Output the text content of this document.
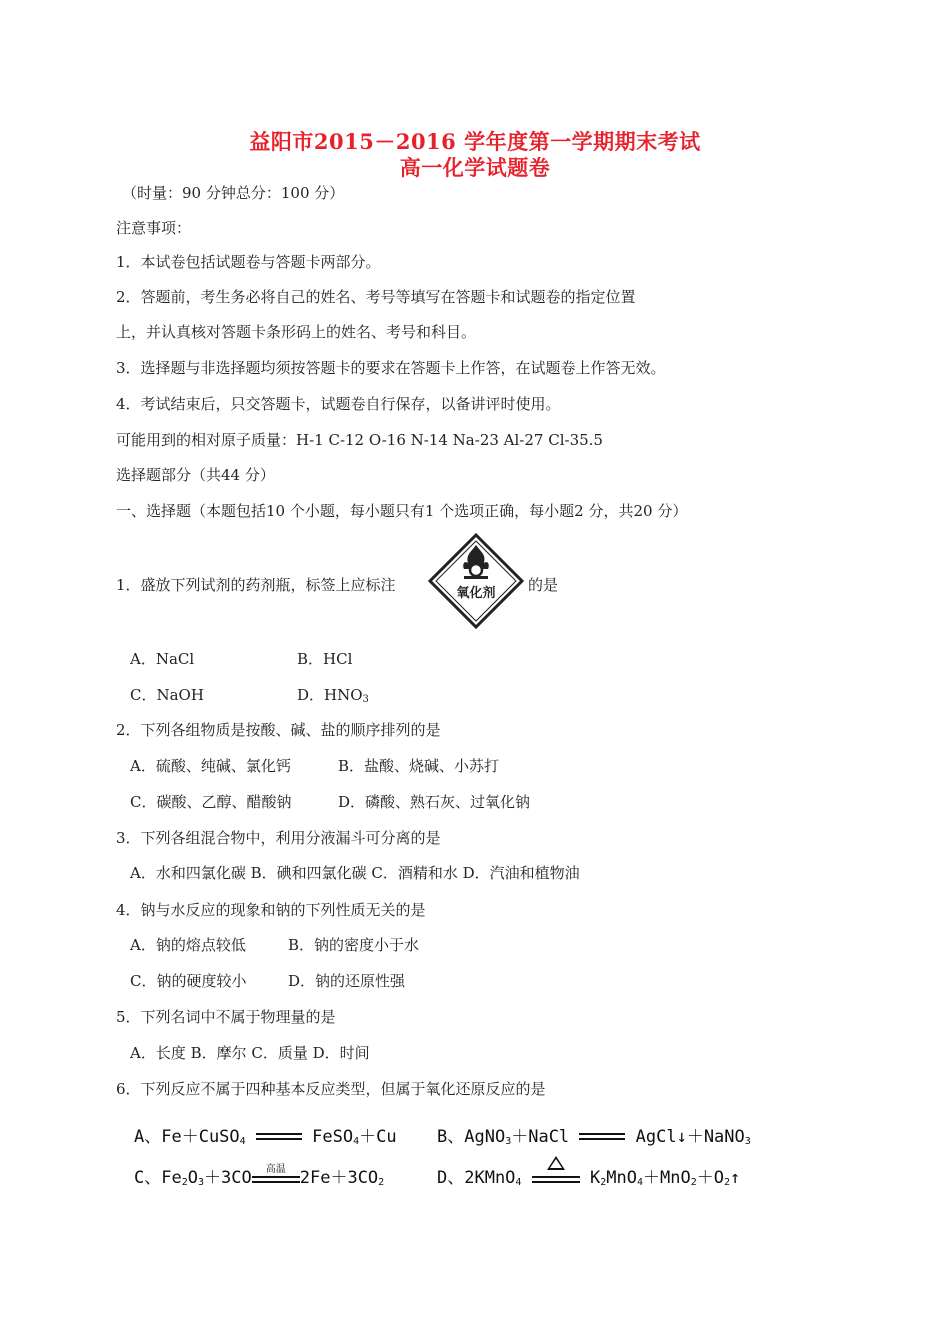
益阳市2015－2016 学年度第一学期期末考试
高一化学试题卷
（时量：90 分钟总分：100 分）
注意事项：
1．本试卷包括试题卷与答题卡两部分。
2．答题前，考生务必将自己的姓名、考号等填写在答题卡和试题卷的指定位置
上，并认真核对答题卡条形码上的姓名、考号和科目。
3．选择题与非选择题均须按答题卡的要求在答题卡上作答，在试题卷上作答无效。
4．考试结束后，只交答题卡，试题卷自行保存，以备讲评时使用。
可能用到的相对原子质量：H-1 C-12 O-16 N-14 Na-23 Al-27 Cl-35.5
选择题部分（共44 分）
一、选择题（本题包括10 个小题，每小题只有1 个选项正确，每小题2 分，共20 分）
1．盛放下列试剂的药剂瓶，标签上应标注	氧化剂 的是
A．NaCl	B．HCl
C．NaOH	D．$HNO_3$
2．下列各组物质是按酸、碱、盐的顺序排列的是
A．硫酸、纯碱、氯化钙	B．盐酸、烧碱、小苏打
C．碳酸、乙醇、醋酸钠	D．磷酸、熟石灰、过氧化钠
3．下列各组混合物中，利用分液漏斗可分离的是
A．水和四氯化碳 B．碘和四氯化碳 C．酒精和水 D．汽油和植物油
4．钠与水反应的现象和钠的下列性质无关的是
A．钠的熔点较低	B．钠的密度小于水
C．钠的硬度较小	D．钠的还原性强
5．下列名词中不属于物理量的是
A．长度 B．摩尔 C．质量 D．时间
6．下列反应不属于四种基本反应类型，但属于氧化还原反应的是
A、Fe＋CuSO$_4$	FeSO$_4$＋Cu B、AgNO$_3$＋NaCl	AgCl↓＋NaNO$_3$
C、$Fe_2O_3+3CO$	高温 $2Fe+3CO_2$	D、2KMnO$_4$	$K_2MnO_4+MnO_2+O_2↑$
